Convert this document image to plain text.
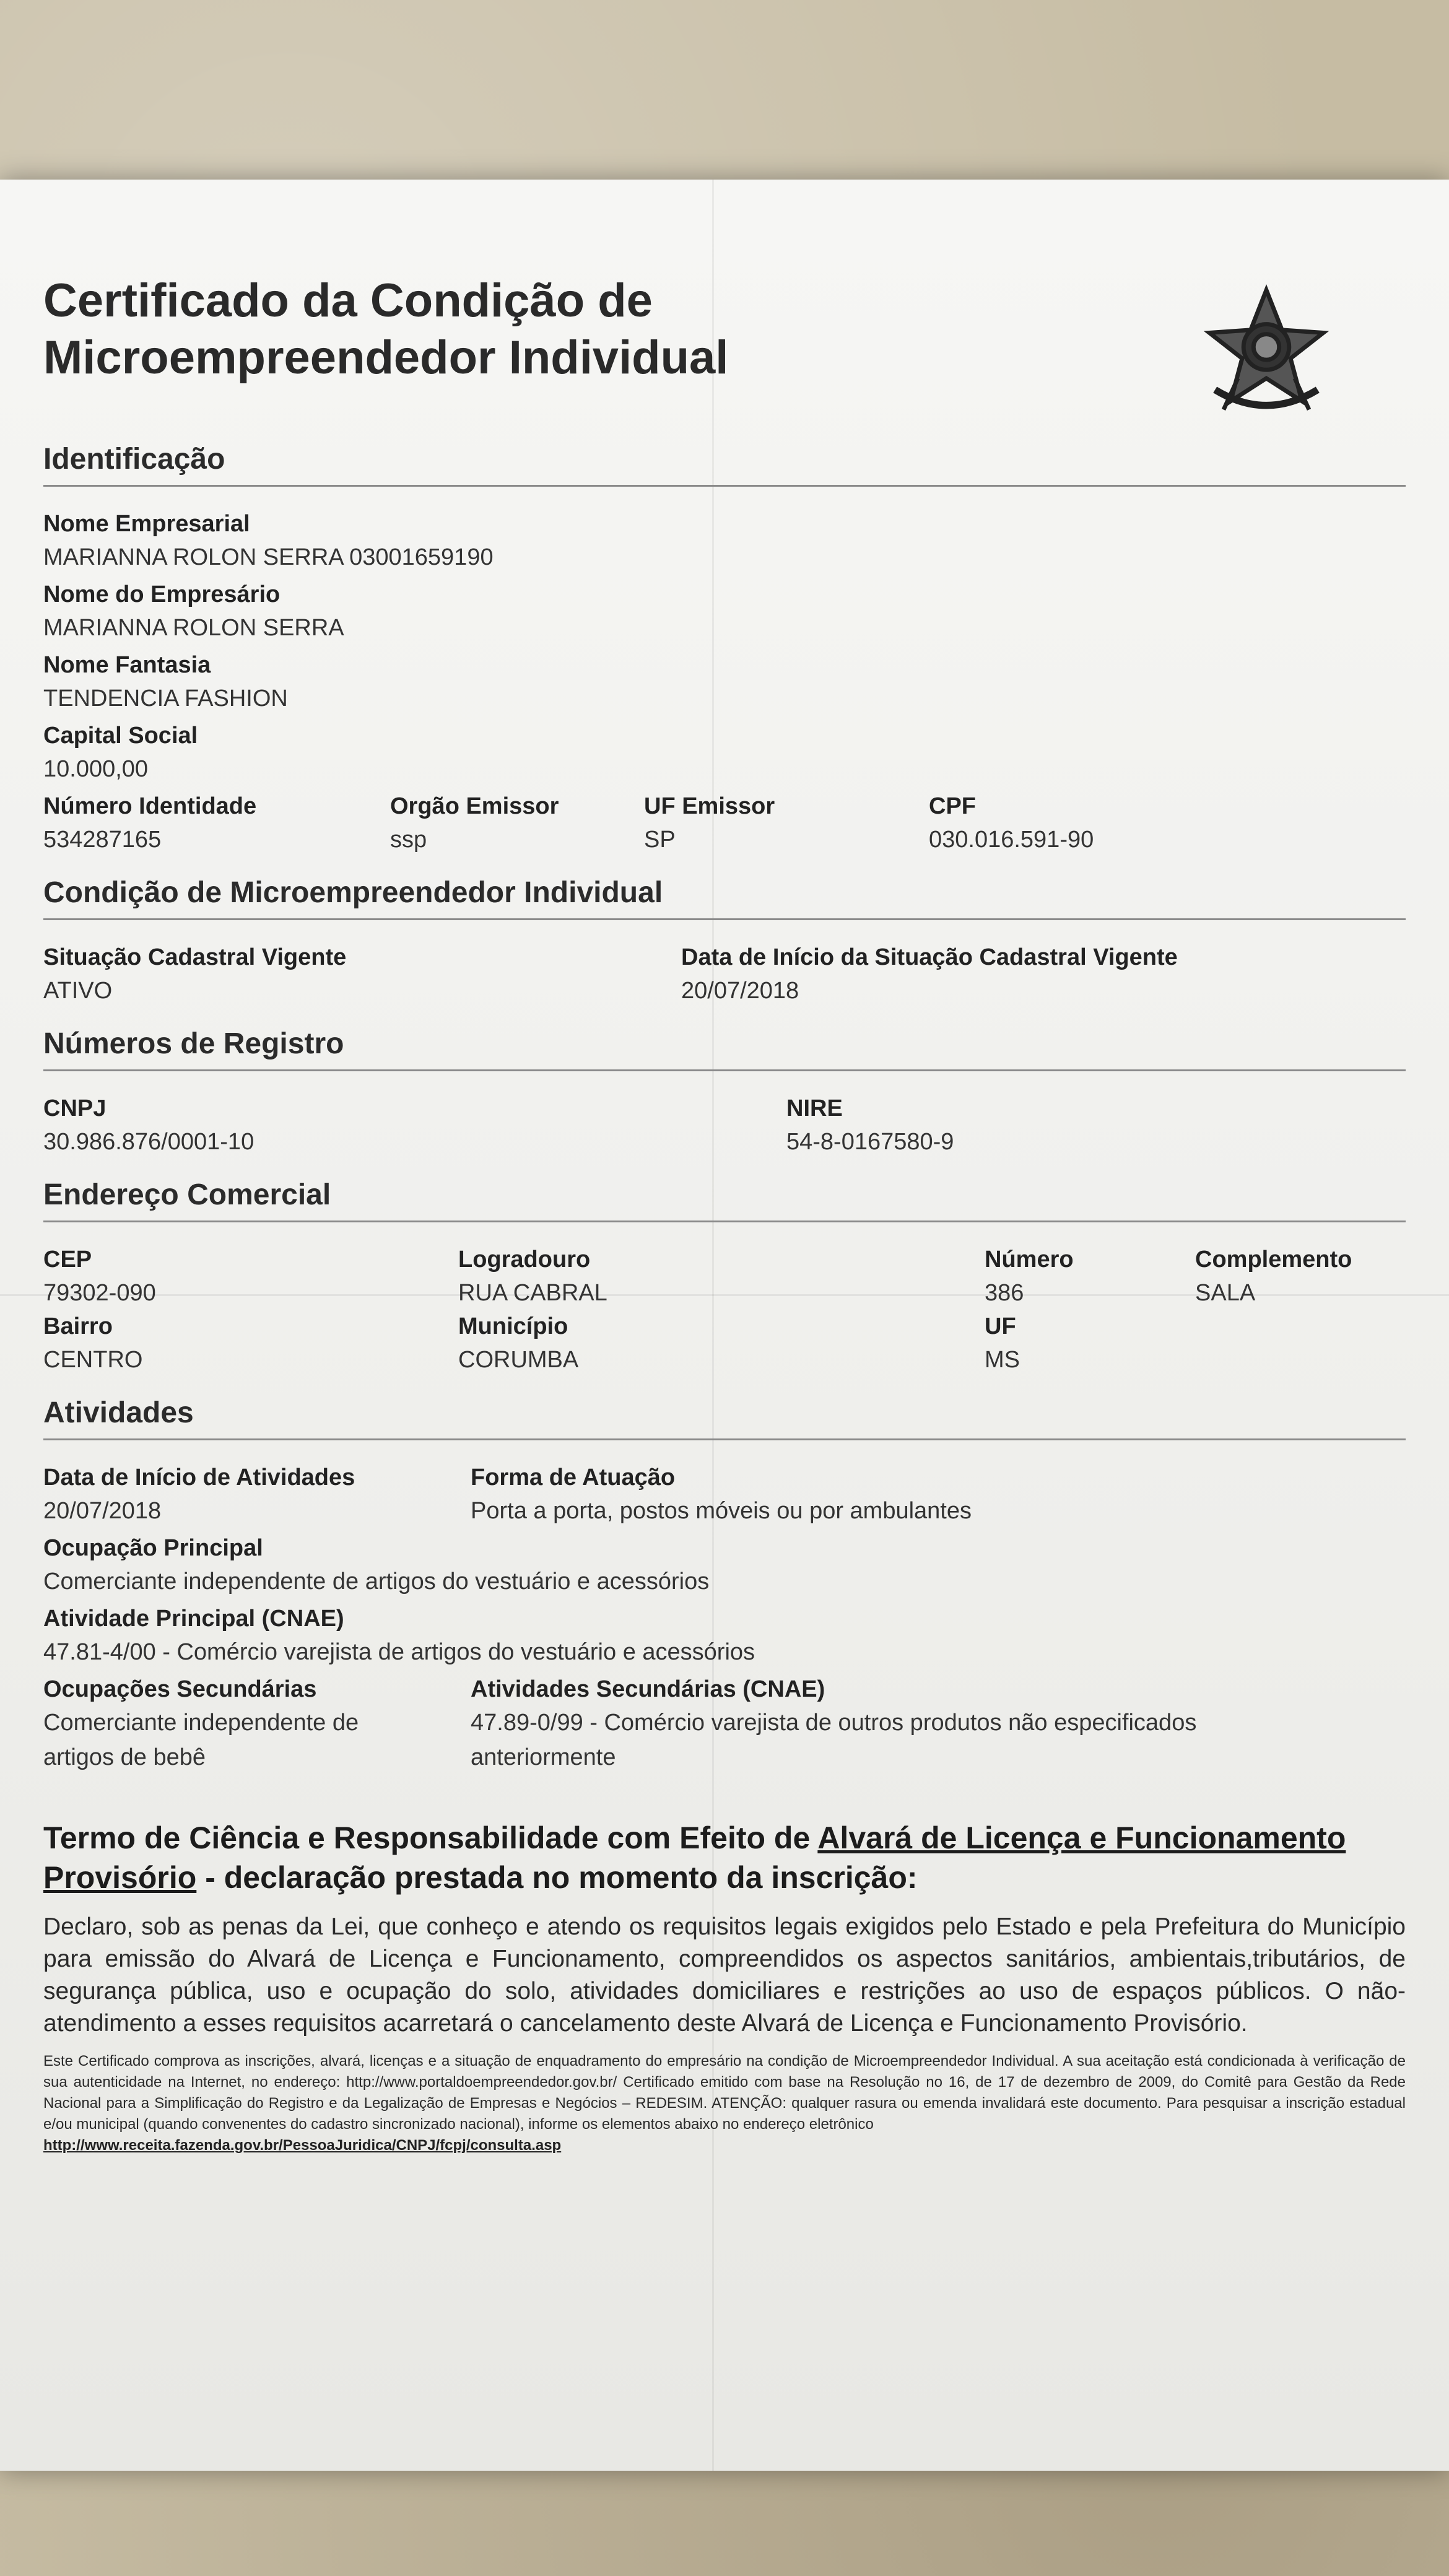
Certificado da Condição de
Microempreendedor Individual
Identificação
Nome Empresarial
MARIANNA ROLON SERRA 03001659190
Nome do Empresário
MARIANNA ROLON SERRA
Nome Fantasia
TENDENCIA FASHION
Capital Social
10.000,00
Número Identidade
534287165
Orgão Emissor
ssp
UF Emissor
SP
CPF
030.016.591-90
Condição de Microempreendedor Individual
Situação Cadastral Vigente
ATIVO
Data de Início da Situação Cadastral Vigente
20/07/2018
Números de Registro
CNPJ
30.986.876/0001-10
NIRE
54-8-0167580-9
Endereço Comercial
CEP
79302-090
Logradouro
RUA CABRAL
Número
386
Complemento
SALA
Bairro
CENTRO
Município
CORUMBA
UF
MS
Atividades
Data de Início de Atividades
20/07/2018
Forma de Atuação
Porta a porta, postos móveis ou por ambulantes
Ocupação Principal
Comerciante independente de artigos do vestuário e acessórios
Atividade Principal (CNAE)
47.81-4/00 - Comércio varejista de artigos do vestuário e acessórios
Ocupações Secundárias
Comerciante independente de artigos de bebê
Atividades Secundárias (CNAE)
47.89-0/99 - Comércio varejista de outros produtos não especificados anteriormente
Termo de Ciência e Responsabilidade com Efeito de Alvará de Licença e Funcionamento Provisório - declaração prestada no momento da inscrição:
Declaro, sob as penas da Lei, que conheço e atendo os requisitos legais exigidos pelo Estado e pela Prefeitura do Município para emissão do Alvará de Licença e Funcionamento, compreendidos os aspectos sanitários, ambientais,tributários, de segurança pública, uso e ocupação do solo, atividades domiciliares e restrições ao uso de espaços públicos. O não-atendimento a esses requisitos acarretará o cancelamento deste Alvará de Licença e Funcionamento Provisório.
Este Certificado comprova as inscrições, alvará, licenças e a situação de enquadramento do empresário na condição de Microempreendedor Individual. A sua aceitação está condicionada à verificação de sua autenticidade na Internet, no endereço: http://www.portaldoempreendedor.gov.br/ Certificado emitido com base na Resolução no 16, de 17 de dezembro de 2009, do Comitê para Gestão da Rede Nacional para a Simplificação do Registro e da Legalização de Empresas e Negócios – REDESIM. ATENÇÃO: qualquer rasura ou emenda invalidará este documento. Para pesquisar a inscrição estadual e/ou municipal (quando convenentes do cadastro sincronizado nacional), informe os elementos abaixo no endereço eletrônico
http://www.receita.fazenda.gov.br/PessoaJuridica/CNPJ/fcpj/consulta.asp
